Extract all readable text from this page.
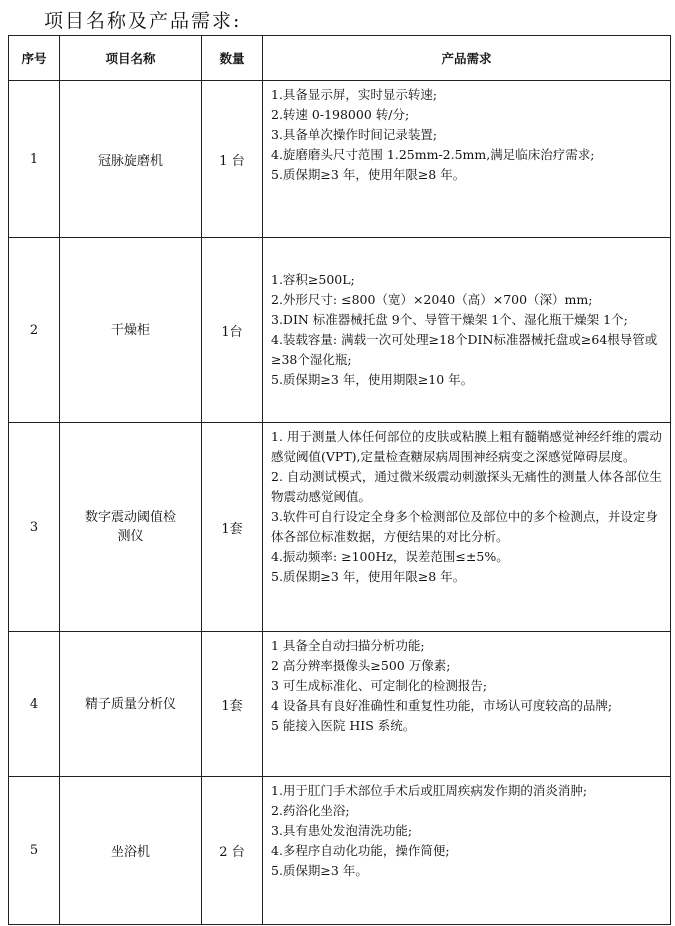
项目名称及产品需求:
序号	项目名称	数量	产品需求
1	冠脉旋磨机	1 台	1.具备显示屏，实时显示转速;
2.转速 0-198000 转/分;
3.具备单次操作时间记录装置;
4.旋磨磨头尺寸范围 1.25mm-2.5mm,满足临床治疗需求;
5.质保期≥3 年，使用年限≥8 年。

2	干燥柜	1台	1.容积≥500L;
2.外形尺寸: ≤800（宽）×2040（高）×700（深）mm;
3.DIN 标准器械托盘 9个、导管干燥架 1个、湿化瓶干燥架 1个;
4.装载容量: 满载一次可处理≥18个DIN标准器械托盘或≥64根导管或≥38个湿化瓶;
5.质保期≥3 年，使用期限≥10 年。

3	数字震动阈值检测仪	1套	1. 用于测量人体任何部位的皮肤或粘膜上粗有髓鞘感觉神经纤维的震动感觉阈值(VPT),定量检查糖尿病周围神经病变之深感觉障碍层度。
2. 自动测试模式，通过微米级震动刺激探头无痛性的测量人体各部位生物震动感觉阈值。
3.软件可自行设定全身多个检测部位及部位中的多个检测点，并设定身体各部位标准数据，方便结果的对比分析。
4.振动频率: ≥100Hz，误差范围≤±5%。
5.质保期≥3 年，使用年限≥8 年。

4	精子质量分析仪	1套	1 具备全自动扫描分析功能;
2 高分辨率摄像头≥500 万像素;
3 可生成标准化、可定制化的检测报告;
4 设备具有良好准确性和重复性功能，市场认可度较高的品牌;
5 能接入医院 HIS 系统。

5	坐浴机	2 台	1.用于肛门手术部位手术后或肛周疾病发作期的消炎消肿;
2.药浴化坐浴;
3.具有患处发泡清洗功能;
4.多程序自动化功能，操作简便;
5.质保期≥3 年。
